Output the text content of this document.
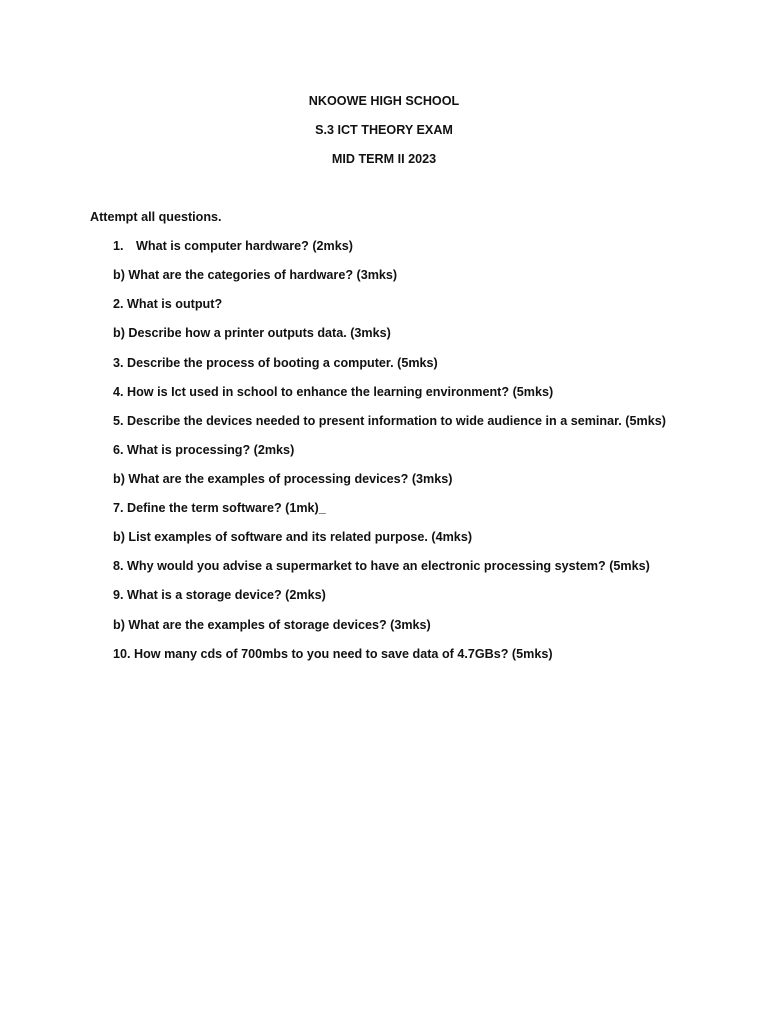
NKOOWE HIGH SCHOOL
S.3 ICT THEORY EXAM
MID TERM II 2023
Attempt all questions.
1. What is computer hardware? (2mks)
b) What are the categories of hardware? (3mks)
2. What is output?
b) Describe how a printer outputs data. (3mks)
3. Describe the process of booting a computer. (5mks)
4. How is Ict used in school to enhance the learning environment? (5mks)
5. Describe the devices needed to present information to wide audience in a seminar. (5mks)
6. What is processing? (2mks)
b) What are the examples of processing devices? (3mks)
7. Define the term software? (1mk)_
b) List examples of software and its related purpose. (4mks)
8. Why would you advise a supermarket to have an electronic processing system? (5mks)
9. What is a storage device? (2mks)
b) What are the examples of storage devices? (3mks)
10. How many cds of 700mbs to you need to save data of 4.7GBs? (5mks)
